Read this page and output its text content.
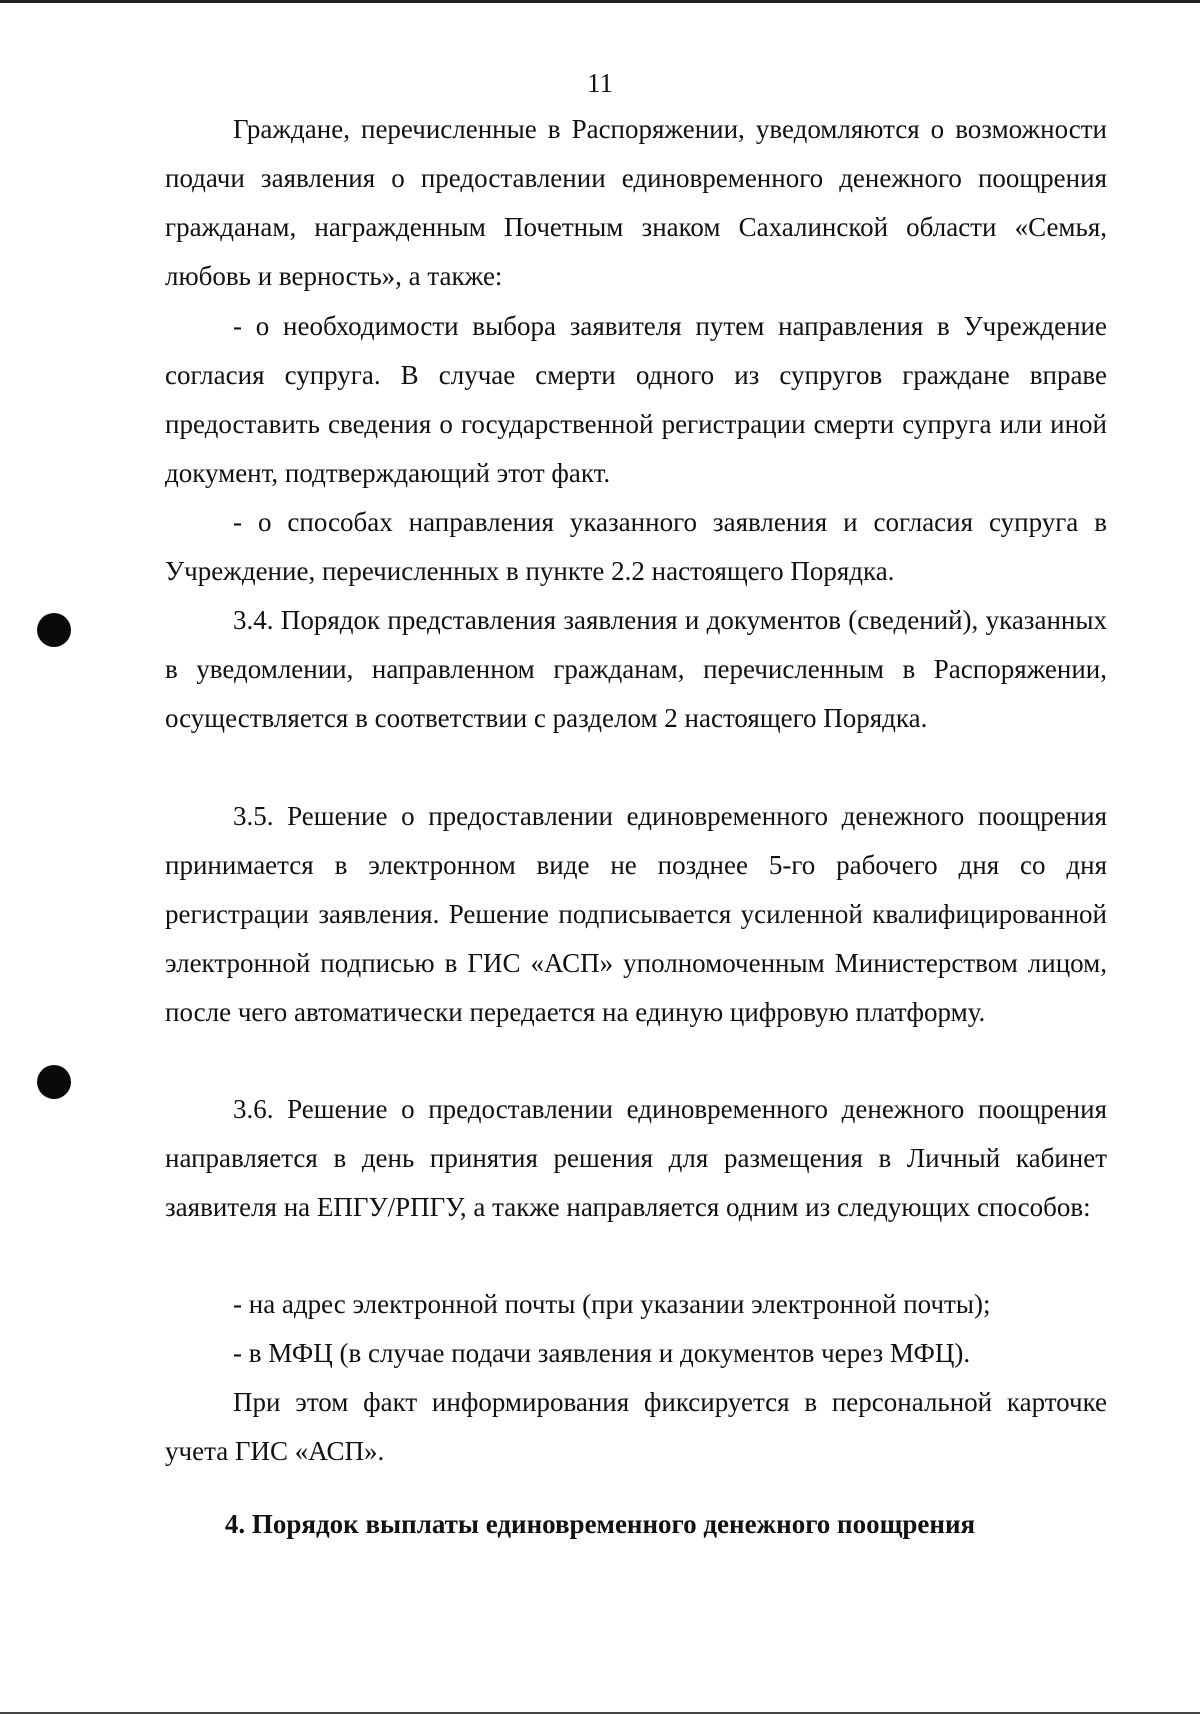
11

Граждане, перечисленные в Распоряжении, уведомляются о возможности подачи заявления о предоставлении единовременного денежного поощрения гражданам, награжденным Почетным знаком Сахалинской области «Семья, любовь и верность», а также:

- о необходимости выбора заявителя путем направления в Учреждение согласия супруга. В случае смерти одного из супругов граждане вправе предоставить сведения о государственной регистрации смерти супруга или иной документ, подтверждающий этот факт.

- о способах направления указанного заявления и согласия супруга в Учреждение, перечисленных в пункте 2.2 настоящего Порядка.

3.4. Порядок представления заявления и документов (сведений), указанных в уведомлении, направленном гражданам, перечисленным в Распоряжении, осуществляется в соответствии с разделом 2 настоящего Порядка.

3.5. Решение о предоставлении единовременного денежного поощрения принимается в электронном виде не позднее 5-го рабочего дня со дня регистрации заявления. Решение подписывается усиленной квалифицированной электронной подписью в ГИС «АСП» уполномоченным Министерством лицом, после чего автоматически передается на единую цифровую платформу.

3.6. Решение о предоставлении единовременного денежного поощрения направляется в день принятия решения для размещения в Личный кабинет заявителя на ЕПГУ/РПГУ, а также направляется одним из следующих способов:

- на адрес электронной почты (при указании электронной почты);

- в МФЦ (в случае подачи заявления и документов через МФЦ).

При этом факт информирования фиксируется в персональной карточке учета ГИС «АСП».

4. Порядок выплаты единовременного денежного поощрения
